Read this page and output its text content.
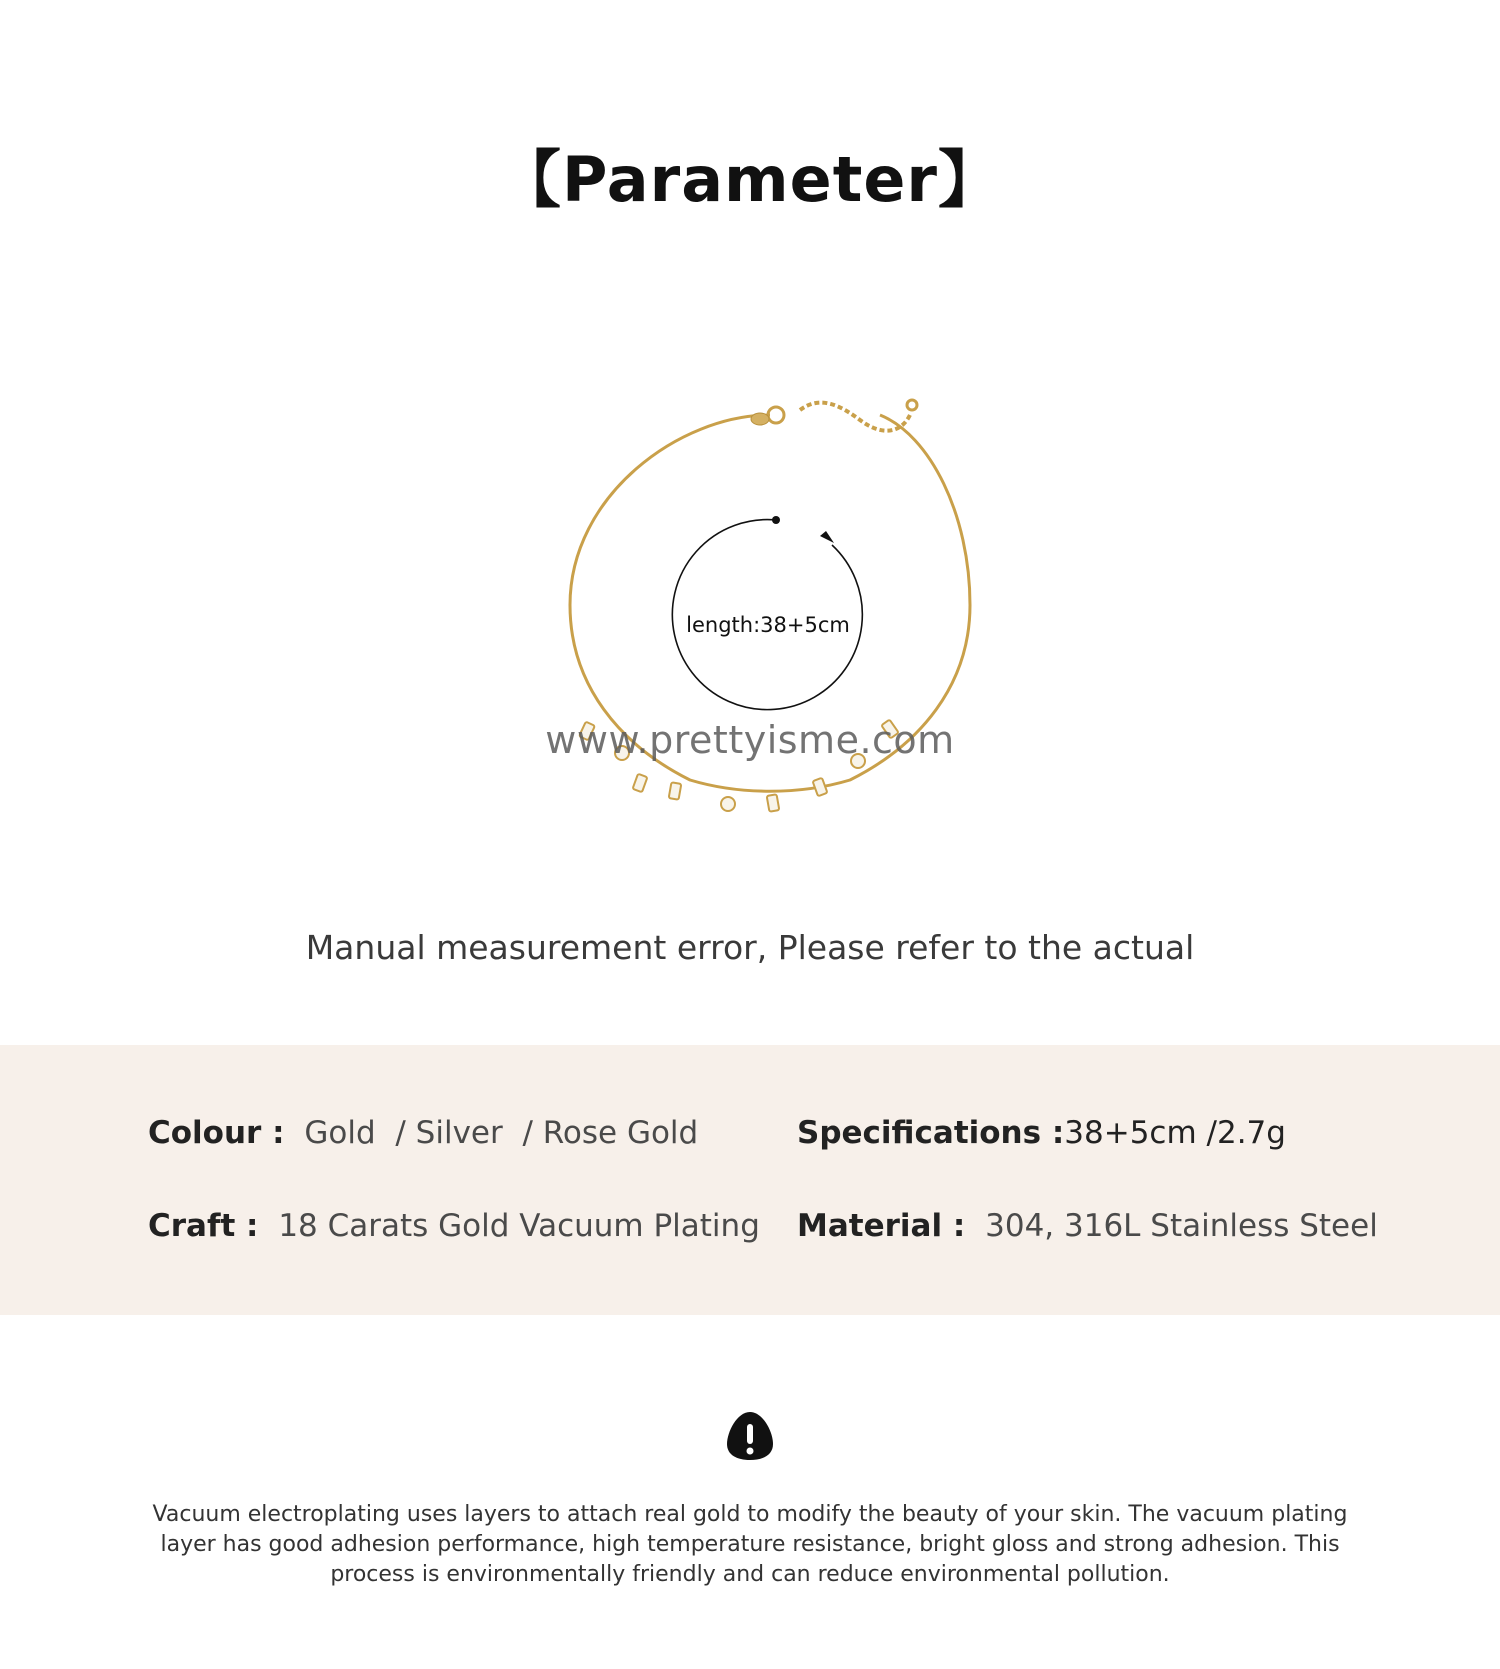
【Parameter】
length:38+5cm
www.prettyisme.com
Manual measurement error, Please refer to the actual
Colour : Gold  / Silver  / Rose Gold	Specifications :38+5cm /2.7g
Craft : 18 Carats Gold Vacuum Plating Material : 304, 316L Stainless Steel
Vacuum electroplating uses layers to attach real gold to modify the beauty of your skin. The vacuum plating layer has good adhesion performance, high temperature resistance, bright gloss and strong adhesion. This process is environmentally friendly and can reduce environmental pollution.
